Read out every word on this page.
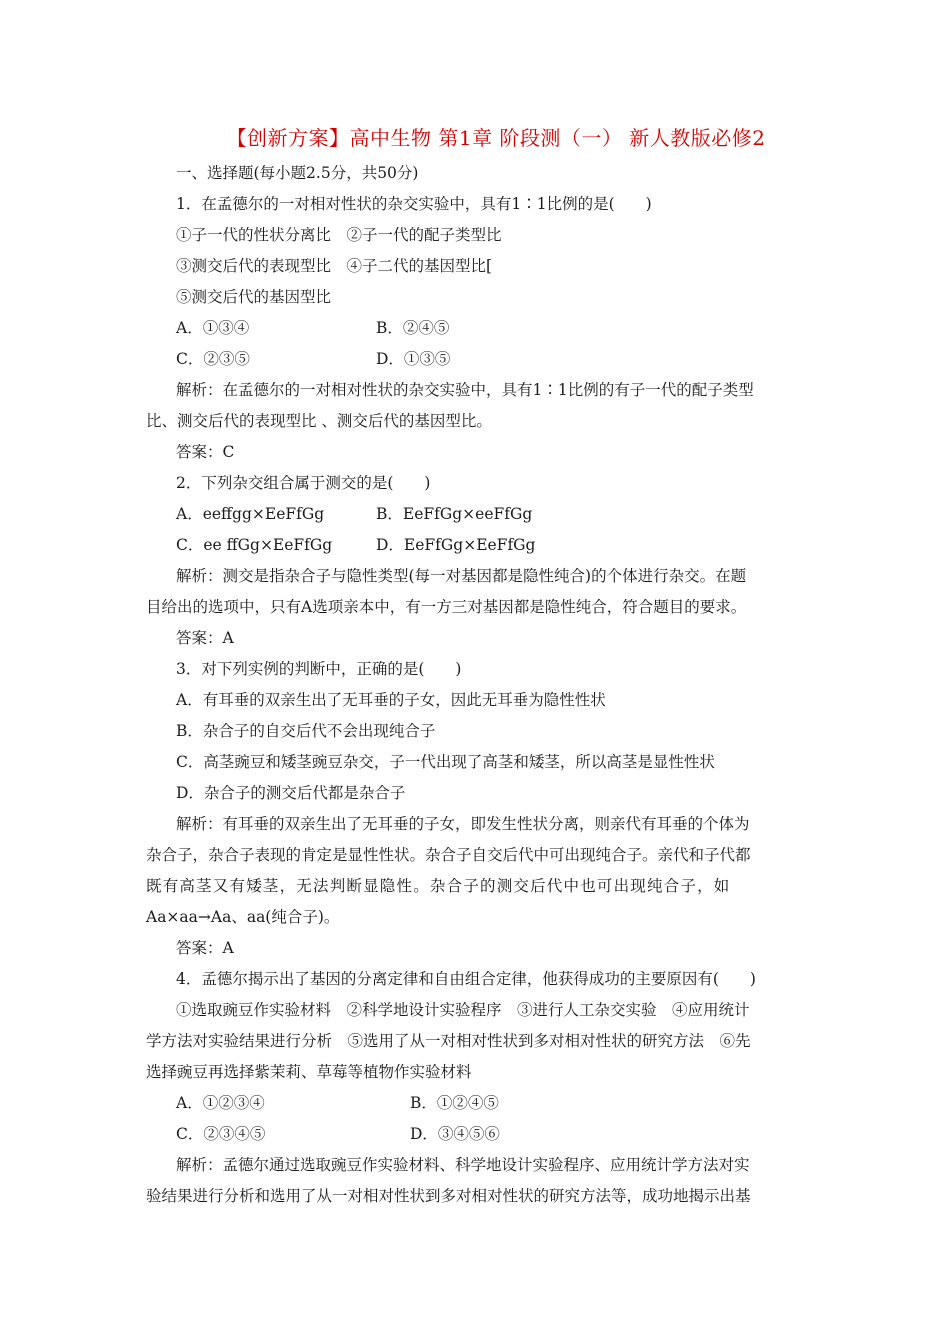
【创新方案】高中生物 第1章 阶段测（一） 新人教版必修2
一、选择题(每小题2.5分，共50分)
1．在孟德尔的一对相对性状的杂交实验中，具有1∶1比例的是(　　)
①子一代的性状分离比　②子一代的配子类型比
③测交后代的表现型比　④子二代的基因型比[
⑤测交后代的基因型比
A．①③④	B．②④⑤
C．②③⑤	D．①③⑤
解析：在孟德尔的一对相对性状的杂交实验中，具有1∶1比例的有子一代的配子类型
比、测交后代的表现型比 、测交后代的基因型比。
答案：C
2．下列杂交组合属于测交的是(　　)
A．eeffgg×EeFfGg	B．EeFfGg×eeFfGg
C．ee ffGg×EeFfGg	D．EeFfGg×EeFfGg
解析：测交是指杂合子与隐性类型(每一对基因都是隐性纯合)的个体进行杂交。在题
目给出的选项中，只有A选项亲本中，有一方三对基因都是隐性纯合，符合题目的要求。
答案：A
3．对下列实例的判断中，正确的是(　　)
A．有耳垂的双亲生出了无耳垂的子女，因此无耳垂为隐性性状
B．杂合子的自交后代不会出现纯合子
C．高茎豌豆和矮茎豌豆杂交，子一代出现了高茎和矮茎，所以高茎是显性性状
D．杂合子的测交后代都是杂合子
解析：有耳垂的双亲生出了无耳垂的子女，即发生性状分离，则亲代有耳垂的个体为
杂合子，杂合子表现的肯定是显性性状。杂合子自交后代中可出现纯合子。亲代和子代都
既有高茎又有矮茎，无法判断显隐性。杂合子的测交后代中也可出现纯合子，如
Aa×aa→Aa、aa(纯合子)。
答案：A
4．孟德尔揭示出了基因的分离定律和自由组合定律，他获得成功的主要原因有(　　)
①选取豌豆作实验材料　②科学地设计实验程序　③进行人工杂交实验　④应用统计
学方法对实验结果进行分析　⑤选用了从一对相对性状到多对相对性状的研究方法　⑥先
选择豌豆再选择紫茉莉、草莓等植物作实验材料
A．①②③④	B．①②④⑤
C．②③④⑤	D．③④⑤⑥
解析：孟德尔通过选取豌豆作实验材料、科学地设计实验程序、应用统计学方法对实
验结果进行分析和选用了从一对相对性状到多对相对性状的研究方法等，成功地揭示出基
